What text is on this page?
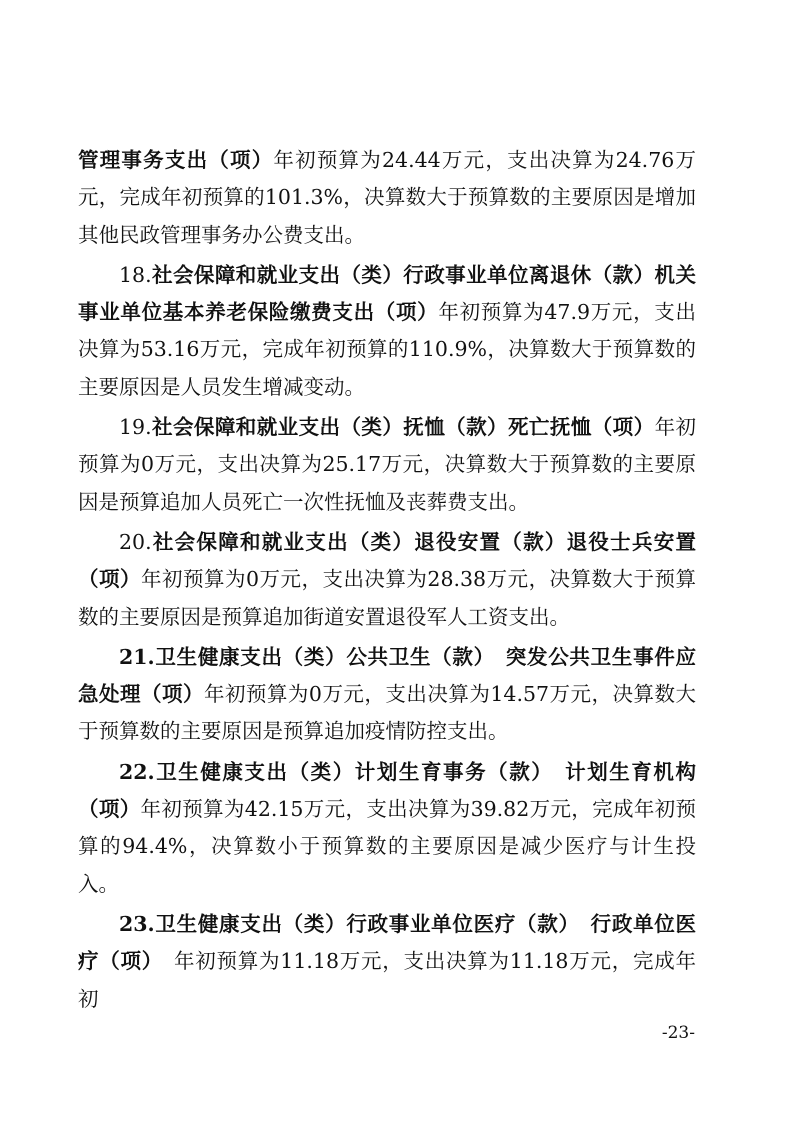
管理事务支出（项）年初预算为24.44万元，支出决算为24.76万元，完成年初预算的101.3%，决算数大于预算数的主要原因是增加其他民政管理事务办公费支出。

18.社会保障和就业支出（类）行政事业单位离退休（款）机关事业单位基本养老保险缴费支出（项）年初预算为47.9万元，支出决算为53.16万元，完成年初预算的110.9%，决算数大于预算数的主要原因是人员发生增减变动。

19.社会保障和就业支出（类）抚恤（款）死亡抚恤（项）年初预算为0万元，支出决算为25.17万元，决算数大于预算数的主要原因是预算追加人员死亡一次性抚恤及丧葬费支出。

20.社会保障和就业支出（类）退役安置（款）退役士兵安置（项）年初预算为0万元，支出决算为28.38万元，决算数大于预算数的主要原因是预算追加街道安置退役军人工资支出。

21.卫生健康支出（类）公共卫生（款）　突发公共卫生事件应急处理（项）年初预算为0万元，支出决算为14.57万元，决算数大于预算数的主要原因是预算追加疫情防控支出。

22.卫生健康支出（类）计划生育事务（款）　计划生育机构（项）年初预算为42.15万元，支出决算为39.82万元，完成年初预算的94.4%，决算数小于预算数的主要原因是减少医疗与计生投入。

23.卫生健康支出（类）行政事业单位医疗（款）　行政单位医疗（项）　年初预算为11.18万元，支出决算为11.18万元，完成年初

-23-
